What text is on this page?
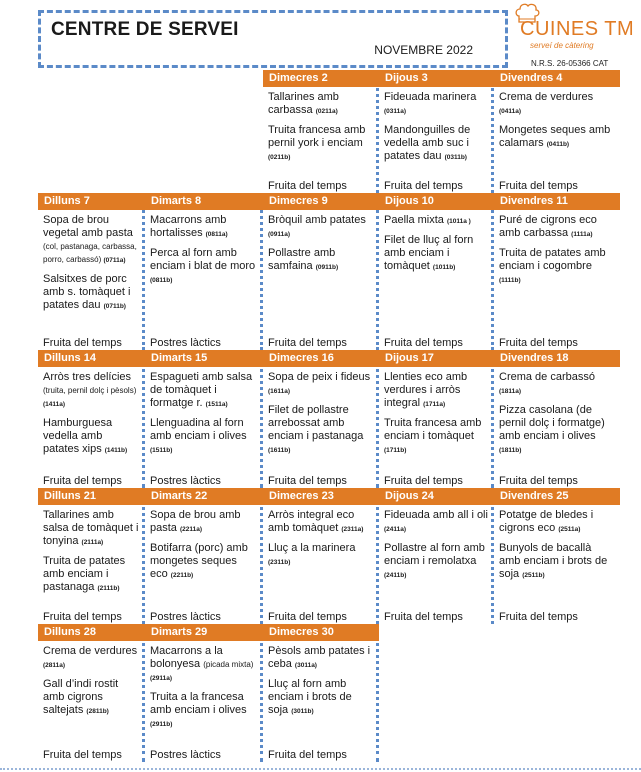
CENTRE DE SERVEI
NOVEMBRE 2022
CUINES TM
serveí de càtering
N.R.S. 26-05366 CAT
Dimecres 2
Tallarines amb carbassa (0211a)
Truita francesa amb pernil york i enciam (0211b)
Fruita del temps
Dijous 3
Fideuada marinera (0311a)
Mandonguilles de vedella amb suc i patates dau (0311b)
Fruita del temps
Divendres 4
Crema de verdures (0411a)
Mongetes seques amb calamars (0411b)
Fruita del temps
Dilluns 7
Sopa de brou vegetal amb pasta (col, pastanaga, carbassa, porro, carbassó) (0711a)
Salsitxes de porc amb s. tomàquet i patates dau (0711b)
Fruita del temps
Dimarts 8
Macarrons amb hortalisses (0811a)
Perca al forn amb enciam i blat de moro (0811b)
Postres làctics
Dimecres 9
Bròquil amb patates (0911a)
Pollastre amb samfaina (0911b)
Fruita del temps
Dijous 10
Paella mixta (1011a )
Filet de lluç al forn amb enciam i tomàquet (1011b)
Fruita del temps
Divendres 11
Puré de cigrons eco amb carbassa (1111a)
Truita de patates amb enciam i cogombre (1111b)
Fruita del temps
Dilluns 14
Arròs tres delícies (truita, pernil dolç i pèsols) (1411a)
Hamburguesa vedella amb patates xips (1411b)
Fruita del temps
Dimarts 15
Espagueti amb salsa de tomàquet i formatge r. (1511a)
Llenguadina al forn amb enciam i olives (1511b)
Postres làctics
Dimecres 16
Sopa de peix i fideus (1611a)
Filet de pollastre arrebossat amb enciam i pastanaga (1611b)
Fruita del temps
Dijous 17
Llenties eco amb verdures i arròs integral (1711a)
Truita francesa amb enciam i tomàquet (1711b)
Fruita del temps
Divendres 18
Crema de carbassó (1811a)
Pizza casolana (de pernil dolç i formatge) amb enciam i olives (1811b)
Fruita del temps
Dilluns 21
Tallarines amb salsa de tomàquet i tonyina (2111a)
Truita de patates amb enciam i pastanaga (2111b)
Fruita del temps
Dimarts 22
Sopa de brou amb pasta (2211a)
Botifarra (porc) amb mongetes seques eco (2211b)
Postres làctics
Dimecres 23
Arròs integral eco amb tomàquet (2311a)
Lluç a la marinera (2311b)
Fruita del temps
Dijous 24
Fideuada amb all i oli (2411a)
Pollastre al forn amb enciam i remolatxa (2411b)
Fruita del temps
Divendres 25
Potatge de bledes i cigrons eco (2511a)
Bunyols de bacallà amb enciam i brots de soja (2511b)
Fruita del temps
Dilluns 28
Crema de verdures (2811a)
Gall d’indi rostit amb cigrons saltejats (2811b)
Fruita del temps
Dimarts 29
Macarrons a la bolonyesa (picada mixta) (2911a)
Truita a la francesa amb enciam i olives (2911b)
Postres làctics
Dimecres 30
Pèsols amb patates i ceba (3011a)
Lluç al forn amb enciam i brots de soja (3011b)
Fruita del temps
